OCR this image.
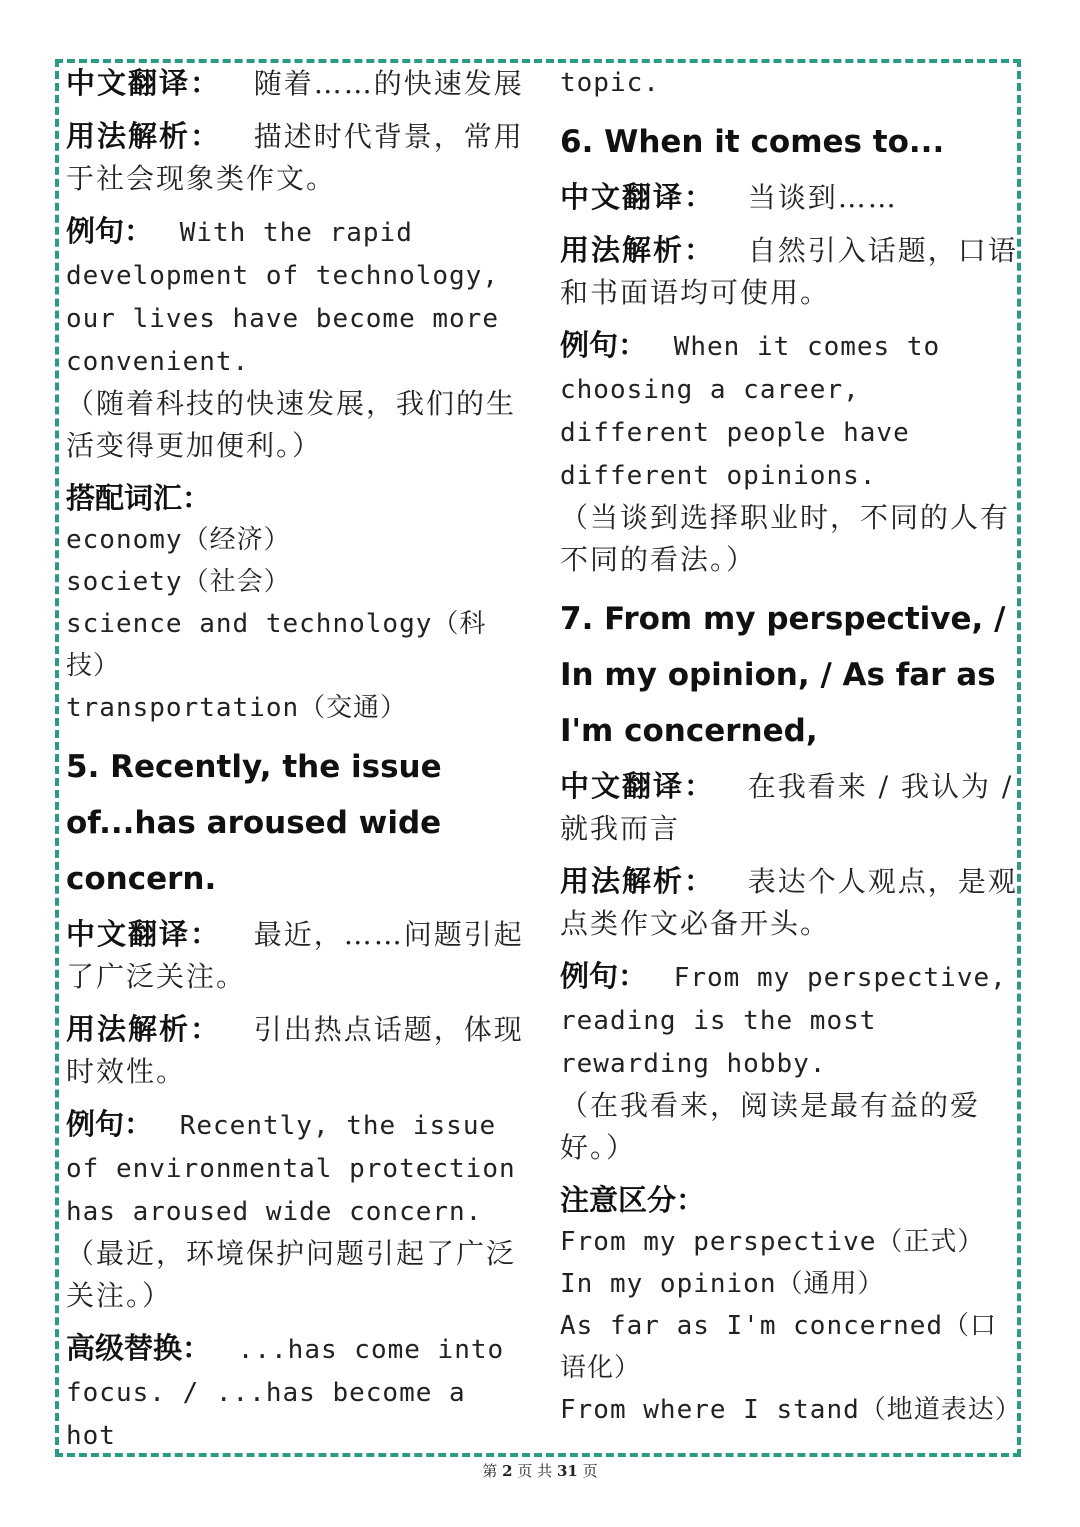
中文翻译： 随着……的快速发展

用法解析： 描述时代背景，常用于社会现象类作文。

例句： With the rapid development of technology, our lives have become more convenient.
（随着科技的快速发展，我们的生活变得更加便利。）

搭配词汇：
economy（经济）
society（社会）
science and technology（科技）
transportation（交通）

5. Recently, the issue of...has aroused wide concern.

中文翻译： 最近，……问题引起了广泛关注。

用法解析： 引出热点话题，体现时效性。

例句： Recently, the issue of environmental protection has aroused wide concern.
（最近，环境保护问题引起了广泛关注。）

高级替换： ...has come into focus. / ...has become a hot

topic.

6. When it comes to...

中文翻译： 当谈到……

用法解析： 自然引入话题，口语和书面语均可使用。

例句： When it comes to choosing a career, different people have different opinions.
（当谈到选择职业时，不同的人有不同的看法。）

7. From my perspective, / In my opinion, / As far as I'm concerned,

中文翻译： 在我看来 / 我认为 / 就我而言

用法解析： 表达个人观点，是观点类作文必备开头。

例句： From my perspective, reading is the most rewarding hobby.
（在我看来，阅读是最有益的爱好。）

注意区分：
From my perspective（正式）
In my opinion（通用）
As far as I'm concerned（口语化）
From where I stand（地道表达）

第 2 页 共 31 页
